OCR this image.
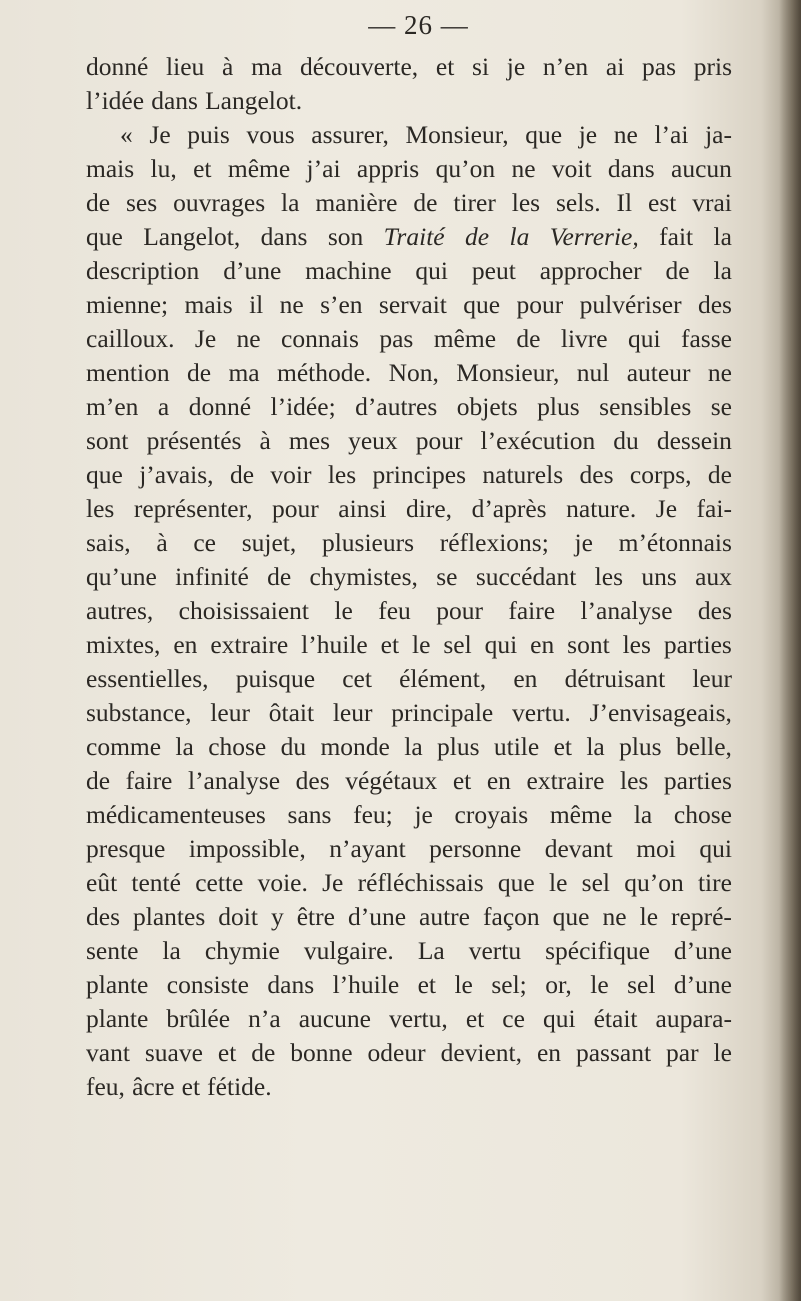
— 26 —
donné lieu à ma découverte, et si je n’en ai pas pris
l’idée dans Langelot.
« Je puis vous assurer, Monsieur, que je ne l’ai ja-
mais lu, et même j’ai appris qu’on ne voit dans aucun
de ses ouvrages la manière de tirer les sels. Il est vrai
que Langelot, dans son Traité de la Verrerie, fait la
description d’une machine qui peut approcher de la
mienne; mais il ne s’en servait que pour pulvériser des
cailloux. Je ne connais pas même de livre qui fasse
mention de ma méthode. Non, Monsieur, nul auteur ne
m’en a donné l’idée; d’autres objets plus sensibles se
sont présentés à mes yeux pour l’exécution du dessein
que j’avais, de voir les principes naturels des corps, de
les représenter, pour ainsi dire, d’après nature. Je fai-
sais, à ce sujet, plusieurs réflexions; je m’étonnais
qu’une infinité de chymistes, se succédant les uns aux
autres, choisissaient le feu pour faire l’analyse des
mixtes, en extraire l’huile et le sel qui en sont les parties
essentielles, puisque cet élément, en détruisant leur
substance, leur ôtait leur principale vertu. J’envisageais,
comme la chose du monde la plus utile et la plus belle,
de faire l’analyse des végétaux et en extraire les parties
médicamenteuses sans feu; je croyais même la chose
presque impossible, n’ayant personne devant moi qui
eût tenté cette voie. Je réfléchissais que le sel qu’on tire
des plantes doit y être d’une autre façon que ne le repré-
sente la chymie vulgaire. La vertu spécifique d’une
plante consiste dans l’huile et le sel; or, le sel d’une
plante brûlée n’a aucune vertu, et ce qui était aupara-
vant suave et de bonne odeur devient, en passant par le
feu, âcre et fétide.
